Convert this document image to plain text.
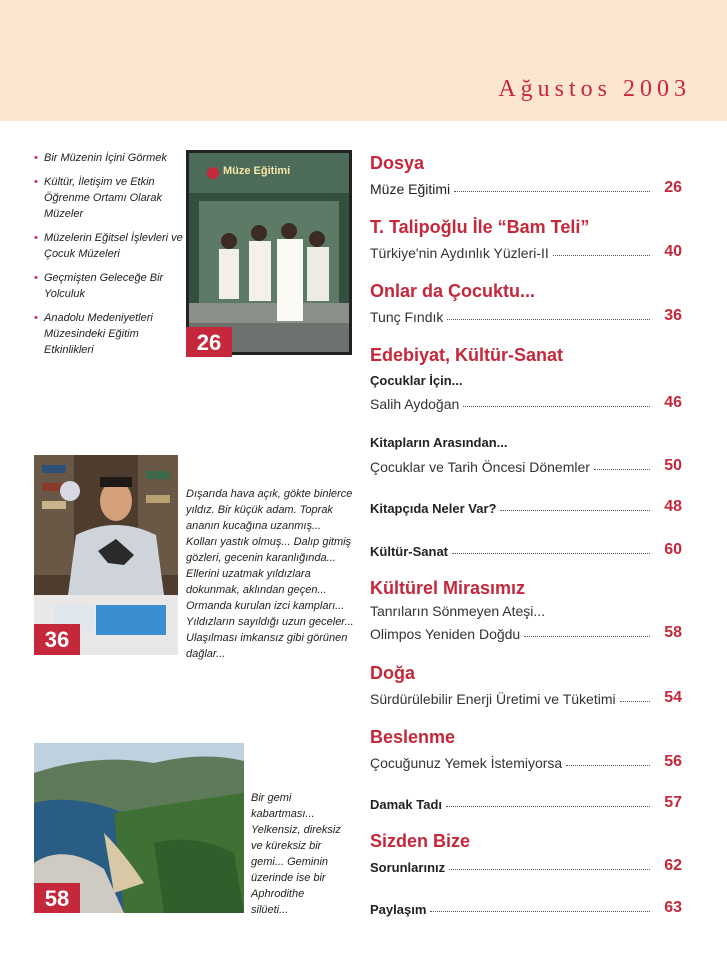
Ağustos 2003
• Bir Müzenin İçini Görmek
• Kültür, İletişim ve Etkin Öğrenme Ortamı Olarak Müzeler
• Müzelerin Eğitsel İşlevleri ve Çocuk Müzeleri
• Geçmişten Geleceğe Bir Yolculuk
• Anadolu Medeniyetleri Müzesindeki Eğitim Etkinlikleri
Müze Eğitimi
26
36
Dışarıda hava açık, gökte binlerce yıldız. Bir küçük adam. Toprak ananın kucağına uzanmış... Kolları yastık olmuş... Dalıp gitmiş gözleri, gecenin karanlığında... Ellerini uzatmak yıldızlara dokunmak, aklından geçen... Ormanda kurulan izci kampları... Yıldızların sayıldığı uzun geceler... Ulaşılması imkansız gibi görünen dağlar...
58
Bir gemi kabartması... Yelkensiz, direksiz ve küreksiz bir gemi... Geminin üzerinde ise bir Aphrodithe silüeti...
Dosya
Müze Eğitimi	26
T. Talipoğlu İle “Bam Teli”
Türkiye'nin Aydınlık Yüzleri-II	40
Onlar da Çocuktu...
Tunç Fındık	36
Edebiyat, Kültür-Sanat
Çocuklar İçin...
Salih Aydoğan	46
Kitapların Arasından...
Çocuklar ve Tarih Öncesi Dönemler	50
Kitapçıda Neler Var?	48
Kültür-Sanat	60
Kültürel Mirasımız
Tanrıların Sönmeyen Ateşi...
Olimpos Yeniden Doğdu	58
Doğa
Sürdürülebilir Enerji Üretimi ve Tüketimi	54
Beslenme
Çocuğunuz Yemek İstemiyorsa	56
Damak Tadı	57
Sizden Bize
Sorunlarınız	62
Paylaşım	63
